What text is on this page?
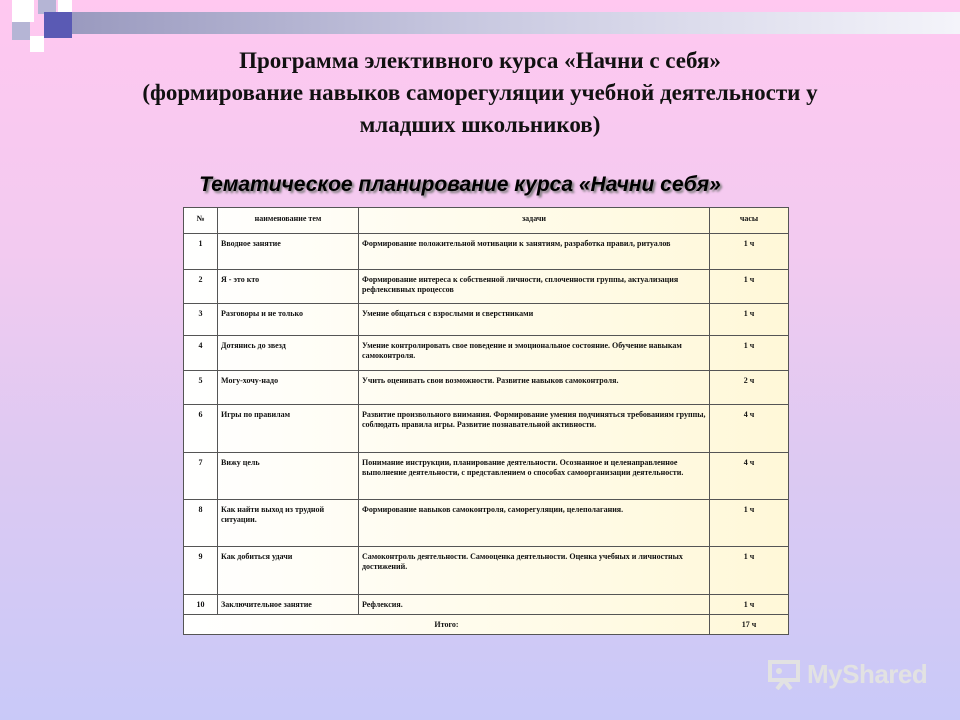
Программа элективного курса «Начни с себя»
(формирование навыков саморегуляции учебной деятельности у
младших школьников)
Тематическое планирование курса «Начни себя»
№	наименование тем	задачи	часы
1	Вводное занятие	Формирование положительной мотивации к занятиям, разработка правил, ритуалов	1 ч
2	Я - это кто	Формирование интереса к собственной личности, сплоченности группы, актуализация рефлексивных процессов	1 ч
3	Разговоры и не только	Умение общаться с взрослыми и сверстниками	1 ч
4	Дотянись до звезд	Умение контролировать свое поведение и эмоциональное состояние. Обучение навыкам самоконтроля.	1 ч
5	Могу-хочу-надо	Учить оценивать свои возможности. Развитие навыков самоконтроля.	2 ч
6	Игры по правилам	Развитие произвольного внимания. Формирование умения подчиняться требованиям группы, соблюдать правила игры. Развитие познавательной активности.	4 ч
7	Вижу цель	Понимание инструкции, планирование деятельности. Осознанное и целенаправленное выполнение деятельности, с представлением о способах самоорганизации деятельности.	4 ч
8	Как найти выход из трудной ситуации.	Формирование навыков самоконтроля, саморегуляции, целеполагания.	1 ч
9	Как добиться удачи	Самоконтроль деятельности. Самооценка деятельности. Оценка учебных и личностных достижений.	1 ч
10	Заключительное занятие	Рефлексия.	1 ч
Итого:			17 ч
MyShared
